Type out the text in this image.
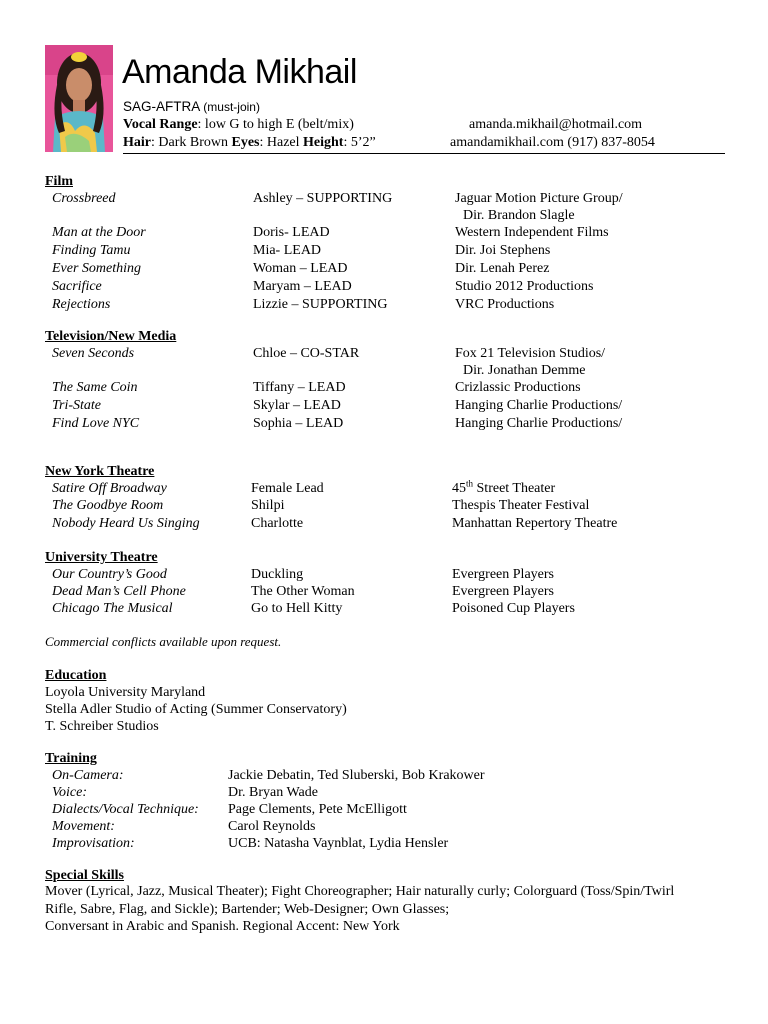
Amanda Mikhail
SAG-AFTRA (must-join)
Vocal Range: low G to high E (belt/mix)
Hair: Dark Brown Eyes: Hazel Height: 5’2”
amanda.mikhail@hotmail.com
amandamikhail.com (917) 837-8054
Film
Crossbreed	Ashley – SUPPORTING	Jaguar Motion Picture Group/
Dir. Brandon Slagle
Man at the Door	Doris- LEAD	Western Independent Films
Finding Tamu	Mia- LEAD	Dir. Joi Stephens
Ever Something	Woman – LEAD	Dir. Lenah Perez
Sacrifice	Maryam – LEAD	Studio 2012 Productions
Rejections	Lizzie – SUPPORTING	VRC Productions
Television/New Media
Seven Seconds	Chloe – CO-STAR	Fox 21 Television Studios/
Dir. Jonathan Demme
The Same Coin	Tiffany – LEAD	Crizlassic Productions
Tri-State	Skylar – LEAD	Hanging Charlie Productions/
Find Love NYC	Sophia – LEAD	Hanging Charlie Productions/
New York Theatre
Satire Off Broadway	Female Lead	45th Street Theater
The Goodbye Room	Shilpi	Thespis Theater Festival
Nobody Heard Us Singing	Charlotte	Manhattan Repertory Theatre
University Theatre
Our Country’s Good	Duckling	Evergreen Players
Dead Man’s Cell Phone	The Other Woman	Evergreen Players
Chicago The Musical	Go to Hell Kitty	Poisoned Cup Players
Commercial conflicts available upon request.
Education
Loyola University Maryland
Stella Adler Studio of Acting (Summer Conservatory)
T. Schreiber Studios
Training
On-Camera:	Jackie Debatin, Ted Sluberski, Bob Krakower
Voice:	Dr. Bryan Wade
Dialects/Vocal Technique: Page Clements, Pete McElligott
Movement:	Carol Reynolds
Improvisation:	UCB: Natasha Vaynblat, Lydia Hensler
Special Skills
Mover (Lyrical, Jazz, Musical Theater); Fight Choreographer; Hair naturally curly; Colorguard (Toss/Spin/Twirl
Rifle, Sabre, Flag, and Sickle); Bartender; Web-Designer; Own Glasses;
Conversant in Arabic and Spanish. Regional Accent: New York
